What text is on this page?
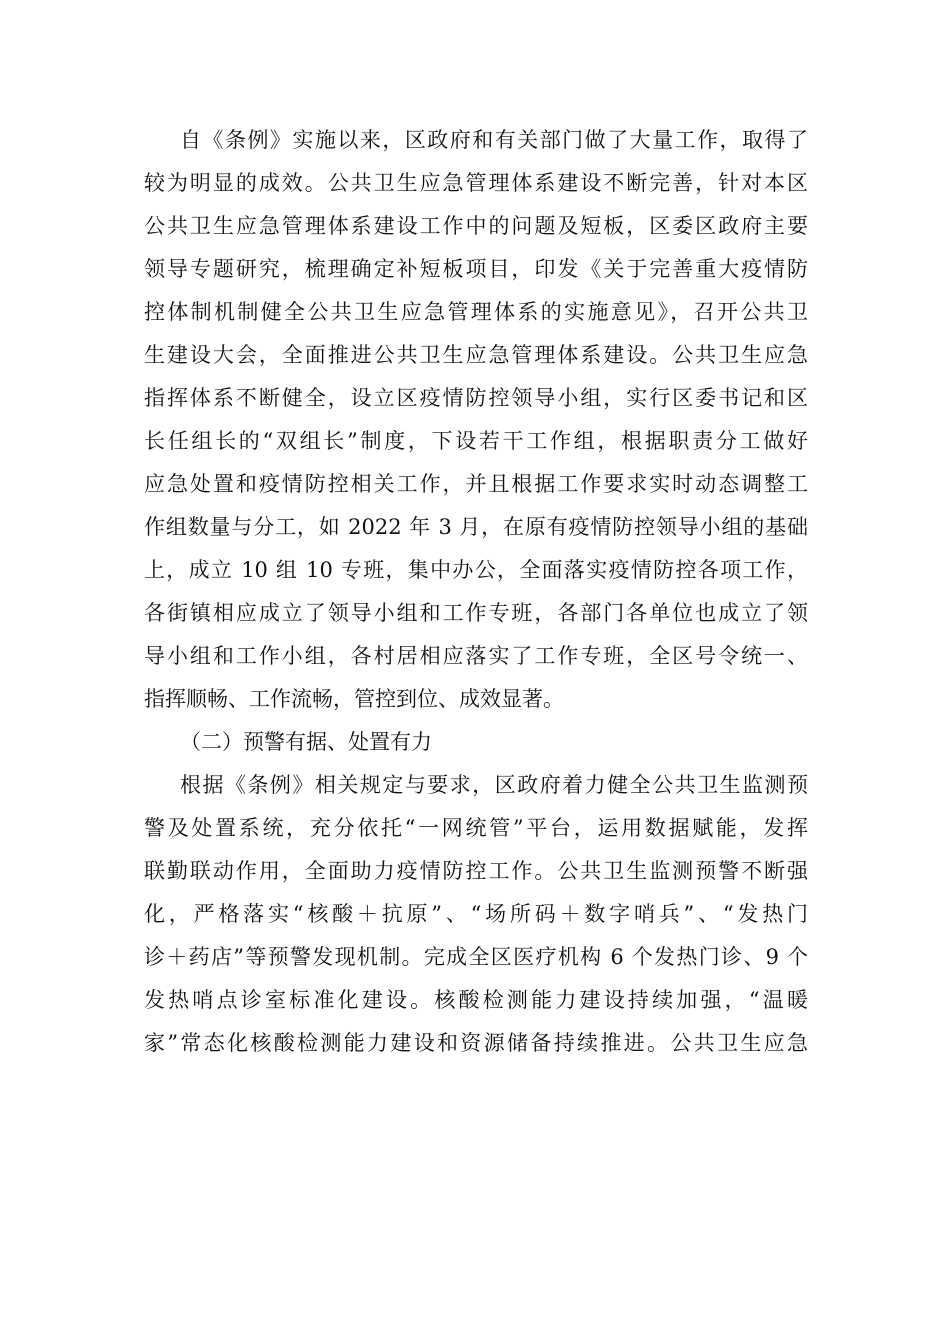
自《条例》实施以来，区政府和有关部门做了大量工作，取得了
较为明显的成效。公共卫生应急管理体系建设不断完善，针对本区
公共卫生应急管理体系建设工作中的问题及短板，区委区政府主要
领导专题研究，梳理确定补短板项目，印发《关于完善重大疫情防
控体制机制健全公共卫生应急管理体系的实施意见》，召开公共卫
生建设大会，全面推进公共卫生应急管理体系建设。公共卫生应急
指挥体系不断健全，设立区疫情防控领导小组，实行区委书记和区
长任组长的“双组长”制度，下设若干工作组，根据职责分工做好
应急处置和疫情防控相关工作，并且根据工作要求实时动态调整工
作组数量与分工，如 2022 年 3 月，在原有疫情防控领导小组的基础
上，成立 10 组 10 专班，集中办公，全面落实疫情防控各项工作，
各街镇相应成立了领导小组和工作专班，各部门各单位也成立了领
导小组和工作小组，各村居相应落实了工作专班，全区号令统一、
指挥顺畅、工作流畅，管控到位、成效显著。
（二）预警有据、处置有力
根据《条例》相关规定与要求，区政府着力健全公共卫生监测预
警及处置系统，充分依托“一网统管”平台，运用数据赋能，发挥
联勤联动作用，全面助力疫情防控工作。公共卫生监测预警不断强
化，严格落实“核酸＋抗原”、“场所码＋数字哨兵”、“发热门
诊＋药店”等预警发现机制。完成全区医疗机构 6 个发热门诊、9 个
发热哨点诊室标准化建设。核酸检测能力建设持续加强，“温暖
家”常态化核酸检测能力建设和资源储备持续推进。公共卫生应急
